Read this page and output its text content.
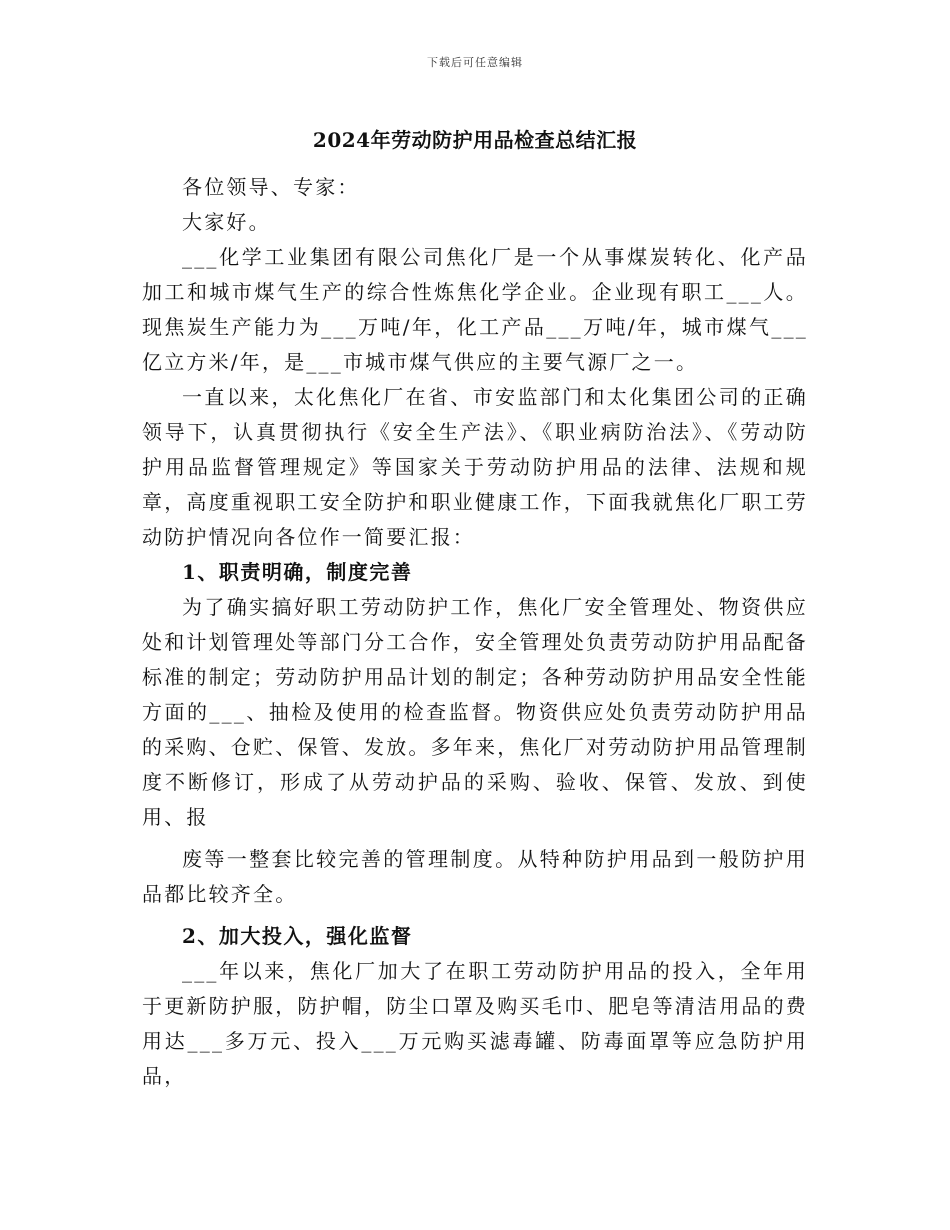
下载后可任意编辑
2024年劳动防护用品检查总结汇报

各位领导、专家：

大家好。

___化学工业集团有限公司焦化厂是一个从事煤炭转化、化产品加工和城市煤气生产的综合性炼焦化学企业。企业现有职工___人。现焦炭生产能力为___万吨/年，化工产品___万吨/年，城市煤气___亿立方米/年，是___市城市煤气供应的主要气源厂之一。

一直以来，太化焦化厂在省、市安监部门和太化集团公司的正确领导下，认真贯彻执行《安全生产法》、《职业病防治法》、《劳动防护用品监督管理规定》等国家关于劳动防护用品的法律、法规和规章，高度重视职工安全防护和职业健康工作，下面我就焦化厂职工劳动防护情况向各位作一简要汇报：

1、职责明确，制度完善

为了确实搞好职工劳动防护工作，焦化厂安全管理处、物资供应处和计划管理处等部门分工合作，安全管理处负责劳动防护用品配备标准的制定；劳动防护用品计划的制定；各种劳动防护用品安全性能方面的___、抽检及使用的检查监督。物资供应处负责劳动防护用品的采购、仓贮、保管、发放。多年来，焦化厂对劳动防护用品管理制度不断修订，形成了从劳动护品的采购、验收、保管、发放、到使用、报

废等一整套比较完善的管理制度。从特种防护用品到一般防护用品都比较齐全。

2、加大投入，强化监督

___年以来，焦化厂加大了在职工劳动防护用品的投入，全年用于更新防护服，防护帽，防尘口罩及购买毛巾、肥皂等清洁用品的费用达___多万元、投入___万元购买滤毒罐、防毒面罩等应急防护用品，
